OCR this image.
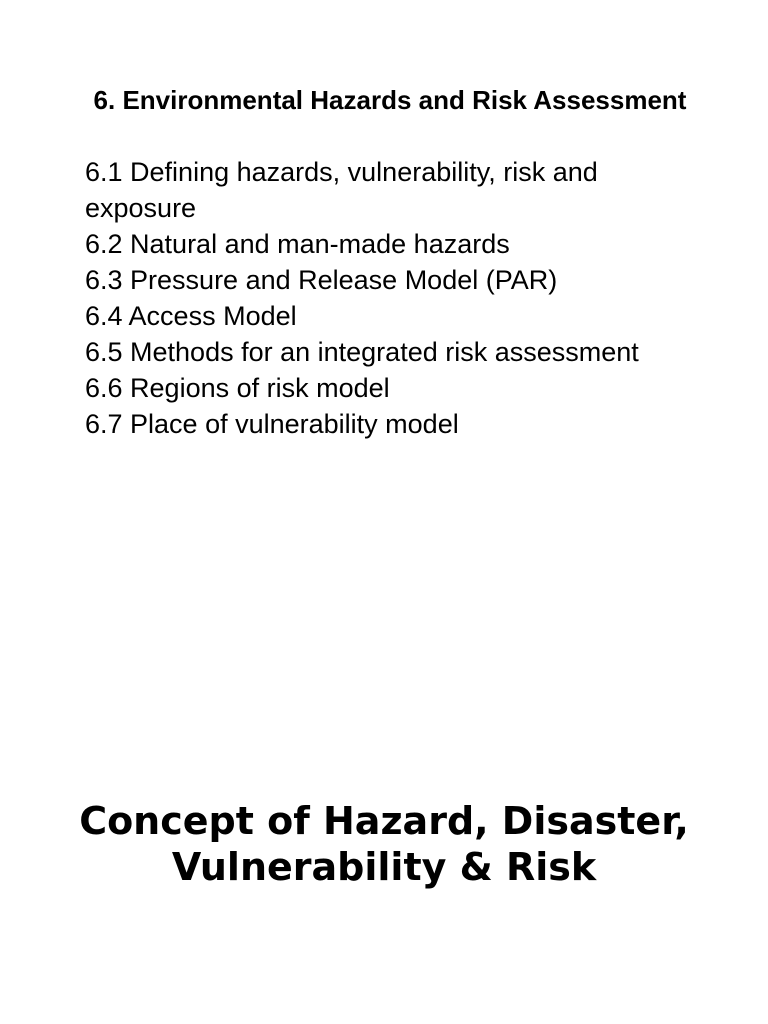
6. Environmental Hazards and Risk Assessment
6.1 Defining hazards, vulnerability, risk and exposure
6.2 Natural and man-made hazards
6.3 Pressure and Release Model (PAR)
6.4 Access Model
6.5 Methods for an integrated risk assessment
6.6 Regions of risk model
6.7 Place of vulnerability model
Concept of Hazard, Disaster, Vulnerability & Risk
